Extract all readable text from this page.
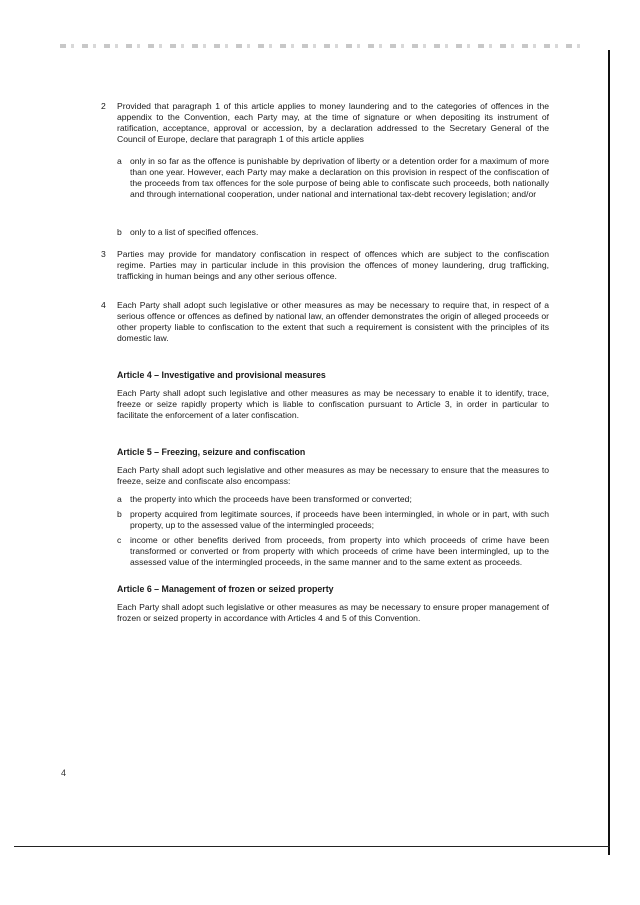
2 Provided that paragraph 1 of this article applies to money laundering and to the categories of offences in the appendix to the Convention, each Party may, at the time of signature or when depositing its instrument of ratification, acceptance, approval or accession, by a declaration addressed to the Secretary General of the Council of Europe, declare that paragraph 1 of this article applies
a only in so far as the offence is punishable by deprivation of liberty or a detention order for a maximum of more than one year. However, each Party may make a declaration on this provision in respect of the confiscation of the proceeds from tax offences for the sole purpose of being able to confiscate such proceeds, both nationally and through international cooperation, under national and international tax-debt recovery legislation; and/or
b only to a list of specified offences.
3 Parties may provide for mandatory confiscation in respect of offences which are subject to the confiscation regime. Parties may in particular include in this provision the offences of money laundering, drug trafficking, trafficking in human beings and any other serious offence.
4 Each Party shall adopt such legislative or other measures as may be necessary to require that, in respect of a serious offence or offences as defined by national law, an offender demonstrates the origin of alleged proceeds or other property liable to confiscation to the extent that such a requirement is consistent with the principles of its domestic law.
Article 4 – Investigative and provisional measures
Each Party shall adopt such legislative and other measures as may be necessary to enable it to identify, trace, freeze or seize rapidly property which is liable to confiscation pursuant to Article 3, in order in particular to facilitate the enforcement of a later confiscation.
Article 5 – Freezing, seizure and confiscation
Each Party shall adopt such legislative and other measures as may be necessary to ensure that the measures to freeze, seize and confiscate also encompass:
a the property into which the proceeds have been transformed or converted;
b property acquired from legitimate sources, if proceeds have been intermingled, in whole or in part, with such property, up to the assessed value of the intermingled proceeds;
c income or other benefits derived from proceeds, from property into which proceeds of crime have been transformed or converted or from property with which proceeds of crime have been intermingled, up to the assessed value of the intermingled proceeds, in the same manner and to the same extent as proceeds.
Article 6 – Management of frozen or seized property
Each Party shall adopt such legislative or other measures as may be necessary to ensure proper management of frozen or seized property in accordance with Articles 4 and 5 of this Convention.
4
